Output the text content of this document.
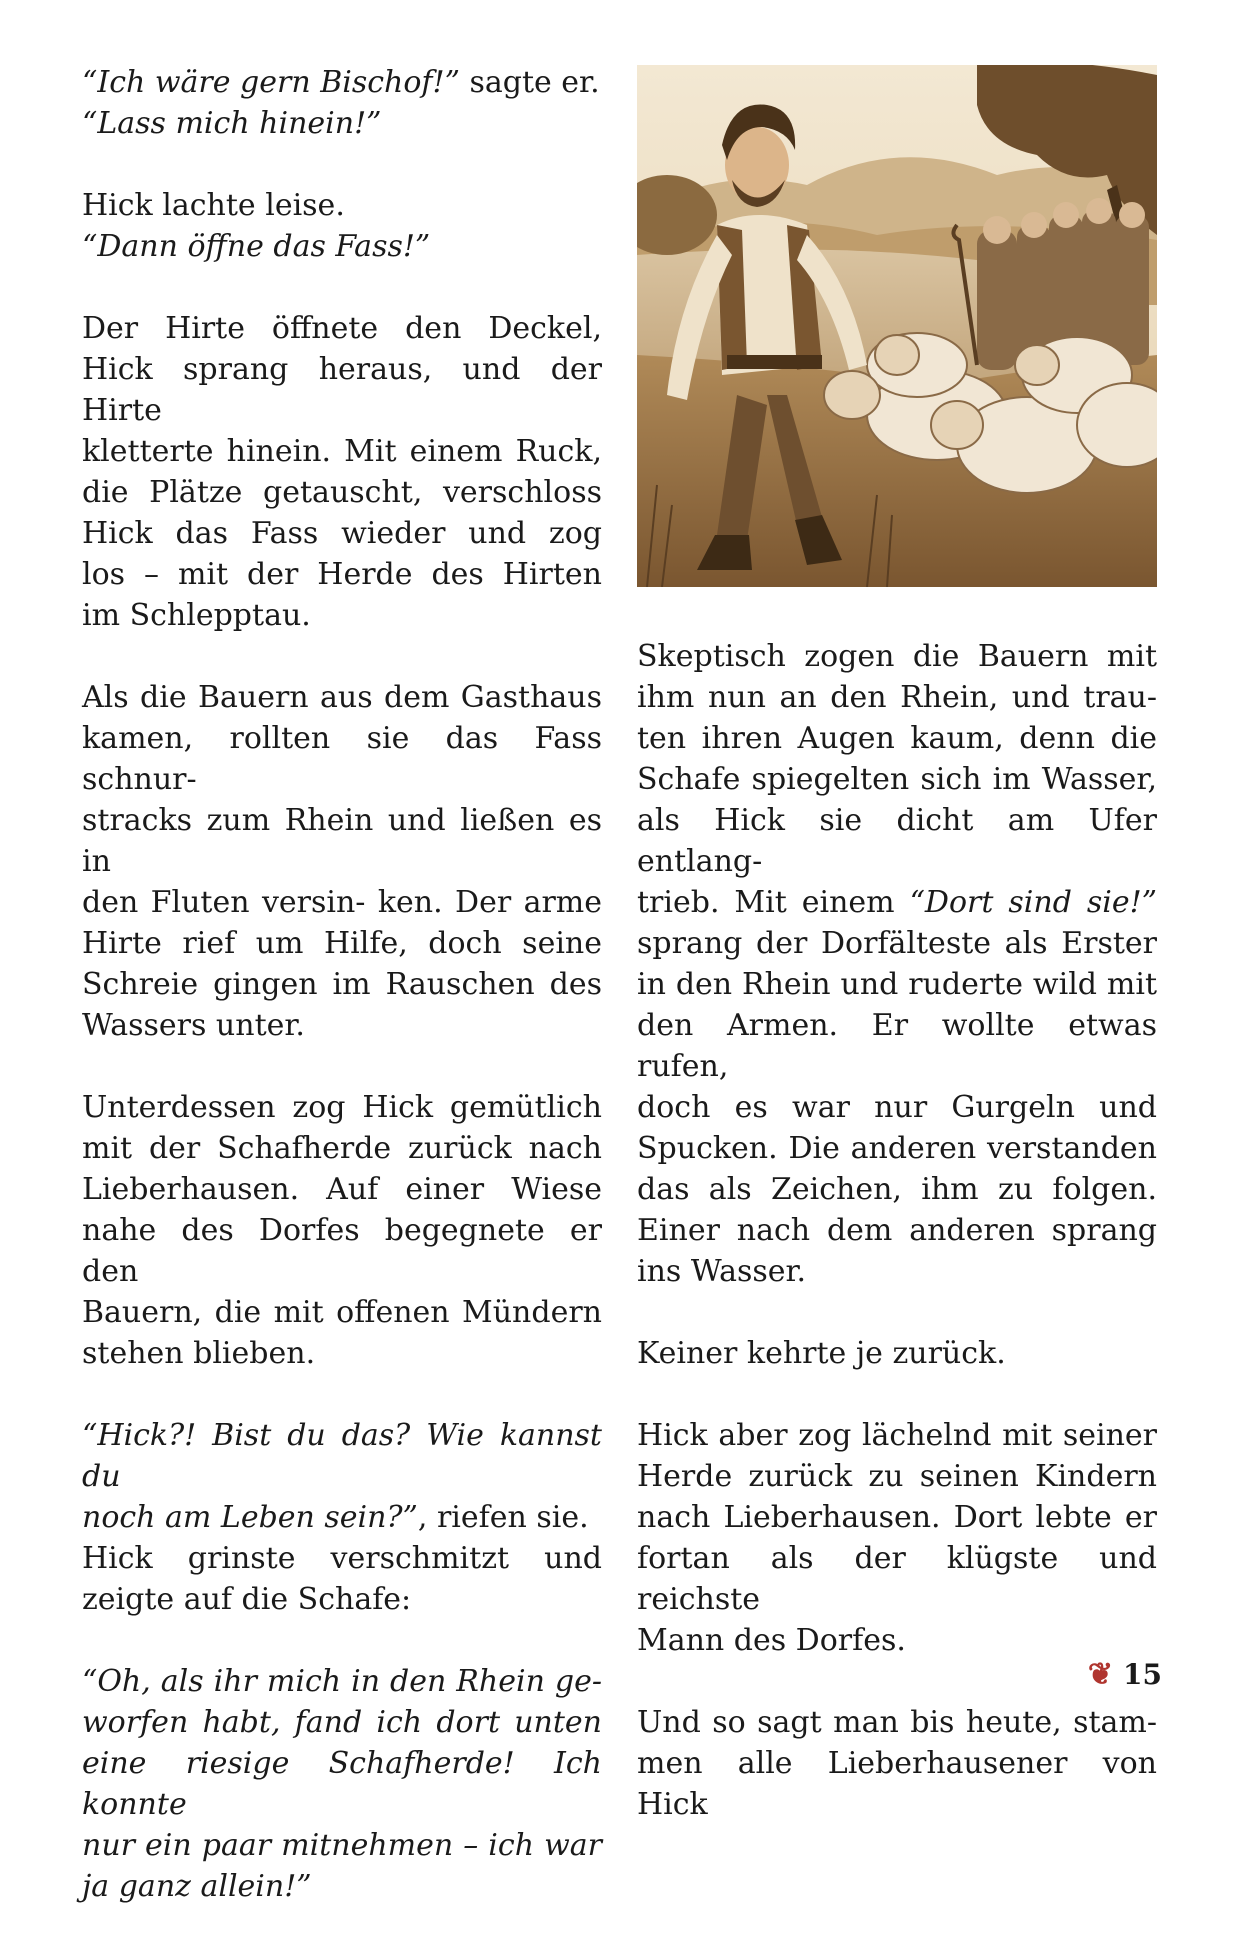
“Ich wäre gern Bischof!” sagte er.
“Lass mich hinein!”

Hick lachte leise.
“Dann öffne das Fass!”

Der Hirte öffnete den Deckel,
Hick sprang heraus, und der Hirte
kletterte hinein. Mit einem Ruck,
die Plätze getauscht, verschloss
Hick das Fass wieder und zog
los – mit der Herde des Hirten
im Schlepptau.

Als die Bauern aus dem Gasthaus
kamen, rollten sie das Fass schnur-
stracks zum Rhein und ließen es in
den Fluten versin- ken. Der arme
Hirte rief um Hilfe, doch seine
Schreie gingen im Rauschen des
Wassers unter.

Unterdessen zog Hick gemütlich
mit der Schafherde zurück nach
Lieberhausen. Auf einer Wiese
nahe des Dorfes begegnete er den
Bauern, die mit offenen Mündern
stehen blieben.

“Hick?! Bist du das? Wie kannst du
noch am Leben sein?”, riefen sie.
Hick grinste verschmitzt und
zeigte auf die Schafe:

“Oh, als ihr mich in den Rhein ge-
worfen habt, fand ich dort unten
eine riesige Schafherde! Ich konnte
nur ein paar mitnehmen – ich war
ja ganz allein!”

Skeptisch zogen die Bauern mit
ihm nun an den Rhein, und trau-
ten ihren Augen kaum, denn die
Schafe spiegelten sich im Wasser,
als Hick sie dicht am Ufer entlang-
trieb. Mit einem “Dort sind sie!”
sprang der Dorfälteste als Erster
in den Rhein und ruderte wild mit
den Armen. Er wollte etwas rufen,
doch es war nur Gurgeln und
Spucken. Die anderen verstanden
das als Zeichen, ihm zu folgen.
Einer nach dem anderen sprang
ins Wasser.

Keiner kehrte je zurück.

Hick aber zog lächelnd mit seiner
Herde zurück zu seinen Kindern
nach Lieberhausen. Dort lebte er
fortan als der klügste und reichste
Mann des Dorfes.

Und so sagt man bis heute, stam-
men alle Lieberhausener von Hick

❦ 15
